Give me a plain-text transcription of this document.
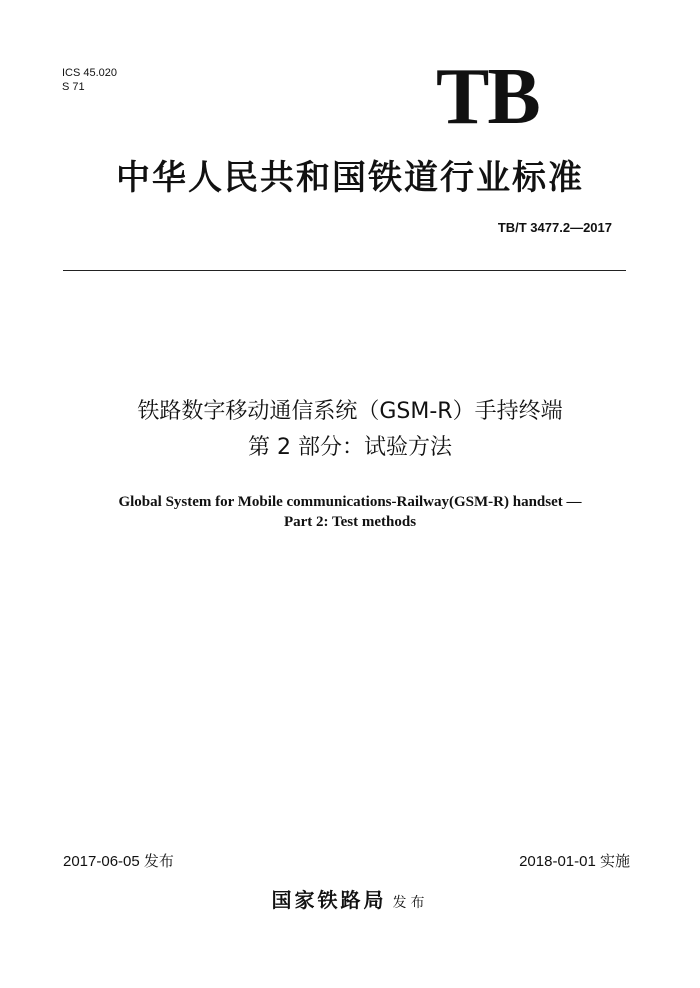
ICS 45.020
S 71	TB
中华人民共和国铁道行业标准
TB/T 3477.2—2017
铁路数字移动通信系统（GSM-R）手持终端
第 2 部分：试验方法
Global System for Mobile communications-Railway(GSM-R) handset —
Part 2: Test methods
2017-06-05 发布	2018-01-01 实施
国家铁路局 发布
